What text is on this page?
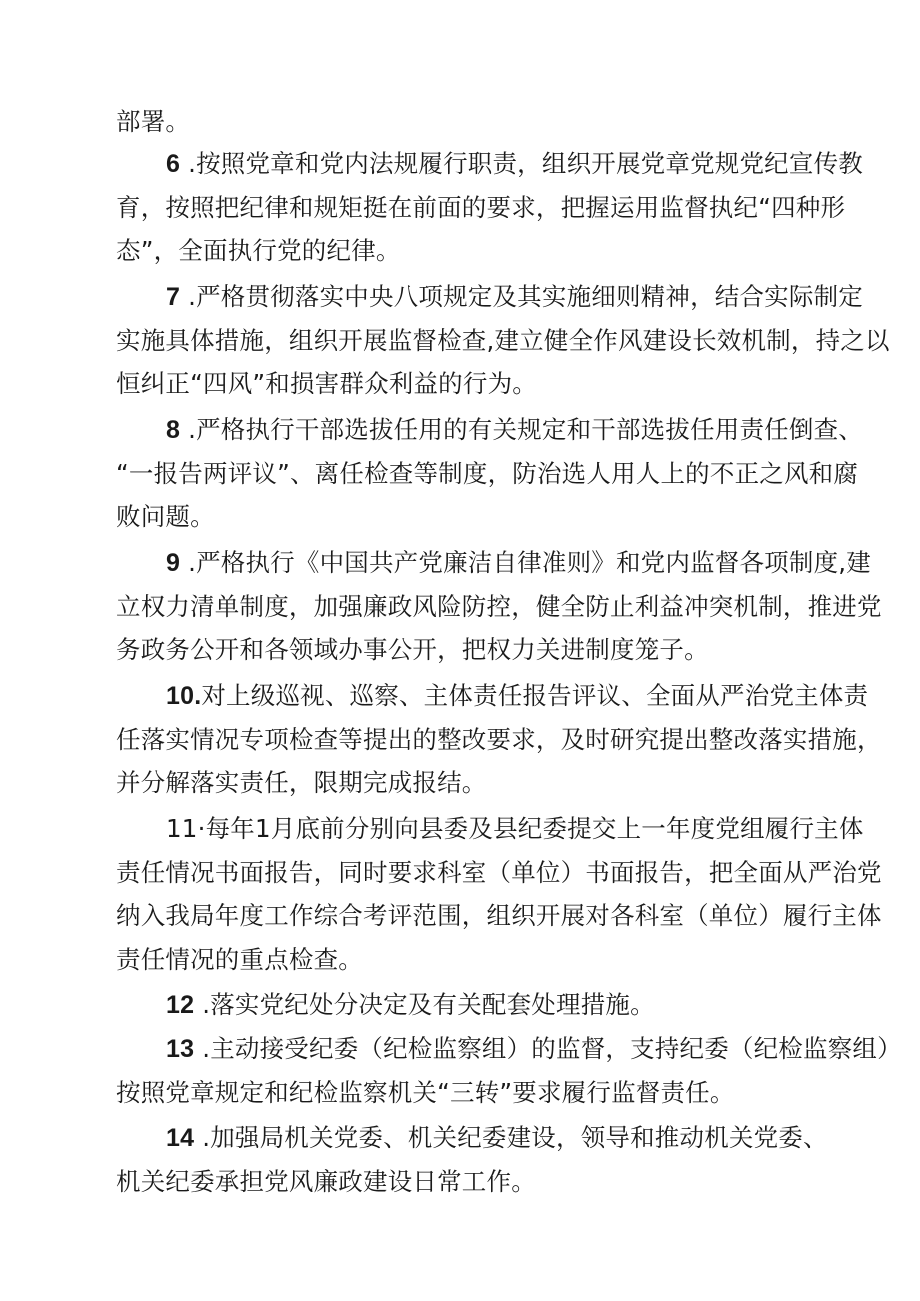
部署。
6 .按照党章和党内法规履行职责，组织开展党章党规党纪宣传教
育，按照把纪律和规矩挺在前面的要求，把握运用监督执纪“四种形
态”，全面执行党的纪律。
7 .严格贯彻落实中央八项规定及其实施细则精神，结合实际制定
实施具体措施，组织开展监督检查,建立健全作风建设长效机制，持之以
恒纠正“四风”和损害群众利益的行为。
8 .严格执行干部选拔任用的有关规定和干部选拔任用责任倒查、
“一报告两评议”、离任检查等制度，防治选人用人上的不正之风和腐
败问题。
9 .严格执行《中国共产党廉洁自律准则》和党内监督各项制度,建
立权力清单制度，加强廉政风险防控，健全防止利益冲突机制，推进党
务政务公开和各领域办事公开，把权力关进制度笼子。
10.对上级巡视、巡察、主体责任报告评议、全面从严治党主体责
任落实情况专项检查等提出的整改要求，及时研究提出整改落实措施，
并分解落实责任，限期完成报结。
11·每年1月底前分别向县委及县纪委提交上一年度党组履行主体
责任情况书面报告，同时要求科室（单位）书面报告，把全面从严治党
纳入我局年度工作综合考评范围，组织开展对各科室（单位）履行主体
责任情况的重点检查。
12 .落实党纪处分决定及有关配套处理措施。
13 .主动接受纪委（纪检监察组）的监督，支持纪委（纪检监察组）
按照党章规定和纪检监察机关“三转”要求履行监督责任。
14 .加强局机关党委、机关纪委建设，领导和推动机关党委、
机关纪委承担党风廉政建设日常工作。
